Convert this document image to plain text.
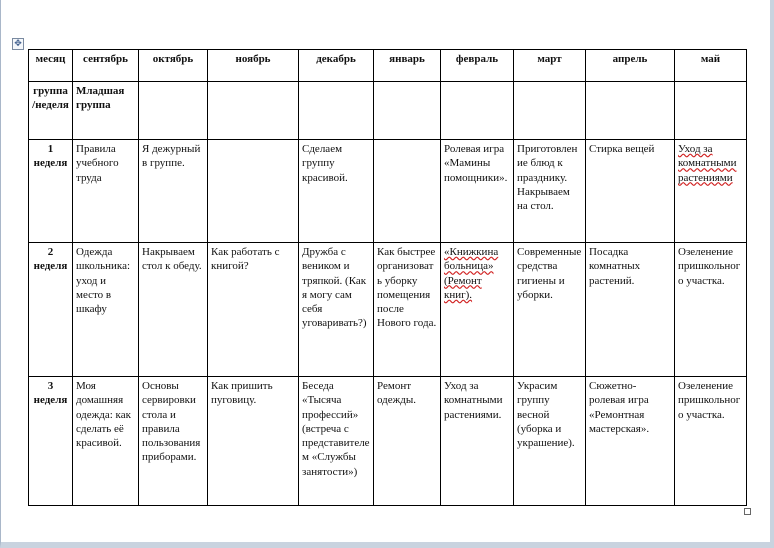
✥
месяц	сентябрь	октябрь	ноябрь	декабрь	январь	февраль	март	апрель	май
группа/неделя	Младшая группа								
1 неделя	Правила учебного труда	Я дежурный в группе.		Сделаем группу красивой.		Ролевая игра «Мамины помощники».	Приготовление блюд к празднику. Накрываем на стол.	Стирка вещей	Уход за комнатными растениями
2 неделя	Одежда школьника: уход и место в шкафу	Накрываем стол к обеду.	Как работать с книгой?	Дружба с веником и тряпкой. (Как я могу сам себя уговаривать?)	Как быстрее организовать уборку помещения после Нового года.	«Книжкина больница» (Ремонт книг).	Современные средства гигиены и уборки.	Посадка комнатных растений.	Озеленение пришкольного участка.
3 неделя	Моя домашняя одежда: как сделать её красивой.	Основы сервировки стола и правила пользования приборами.	Как пришить пуговицу.	Беседа «Тысяча профессий» (встреча с представителем «Службы занятости»)	Ремонт одежды.	Уход за комнатными растениями.	Украсим группу весной (уборка и украшение).	Сюжетно-ролевая игра «Ремонтная мастерская».	Озеленение пришкольного участка.
